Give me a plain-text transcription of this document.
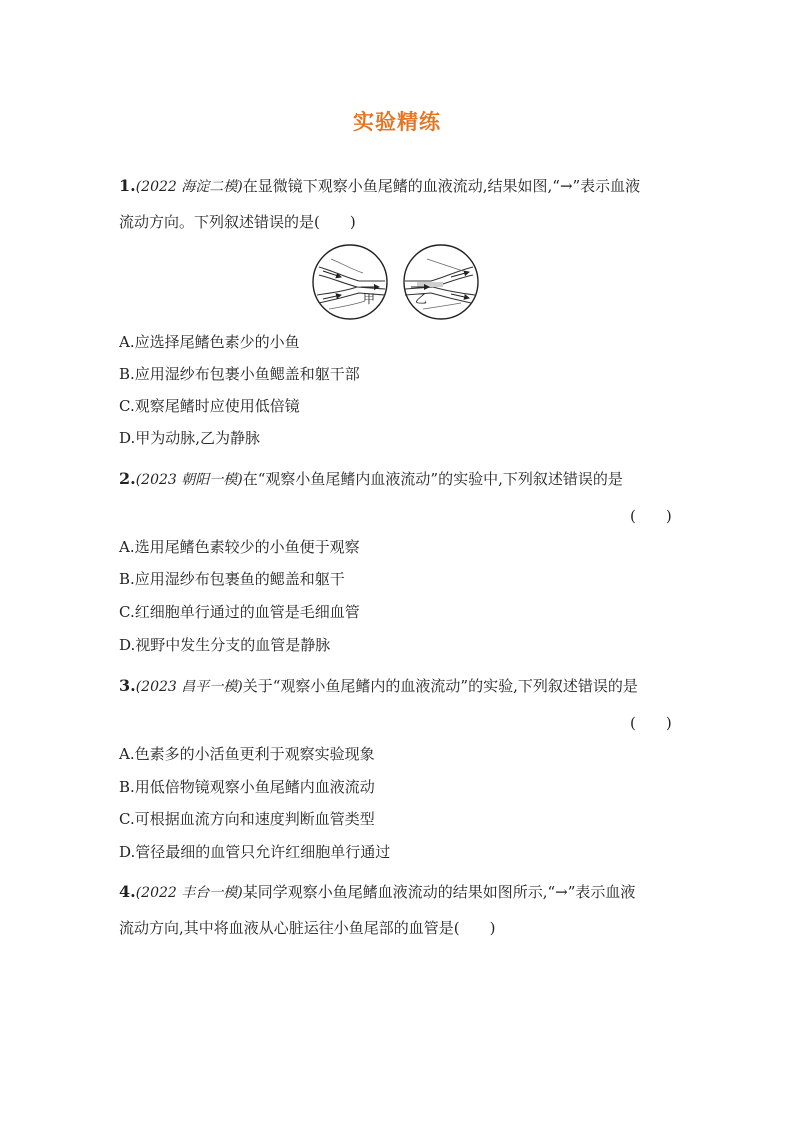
实验精练
1.(2022 海淀二模)在显微镜下观察小鱼尾鳍的血液流动,结果如图,“→”表示血液
流动方向。下列叙述错误的是(　　)
甲	乙
A.应选择尾鳍色素少的小鱼
B.应用湿纱布包裹小鱼鳃盖和躯干部
C.观察尾鳍时应使用低倍镜
D.甲为动脉,乙为静脉
2.(2023 朝阳一模)在“观察小鱼尾鳍内血液流动”的实验中,下列叙述错误的是
(　　)
A.选用尾鳍色素较少的小鱼便于观察
B.应用湿纱布包裹鱼的鳃盖和躯干
C.红细胞单行通过的血管是毛细血管
D.视野中发生分支的血管是静脉
3.(2023 昌平一模)关于“观察小鱼尾鳍内的血液流动”的实验,下列叙述错误的是
(　　)
A.色素多的小活鱼更利于观察实验现象
B.用低倍物镜观察小鱼尾鳍内血液流动
C.可根据血流方向和速度判断血管类型
D.管径最细的血管只允许红细胞单行通过
4.(2022 丰台一模)某同学观察小鱼尾鳍血液流动的结果如图所示,“→”表示血液
流动方向,其中将血液从心脏运往小鱼尾部的血管是(　　)
